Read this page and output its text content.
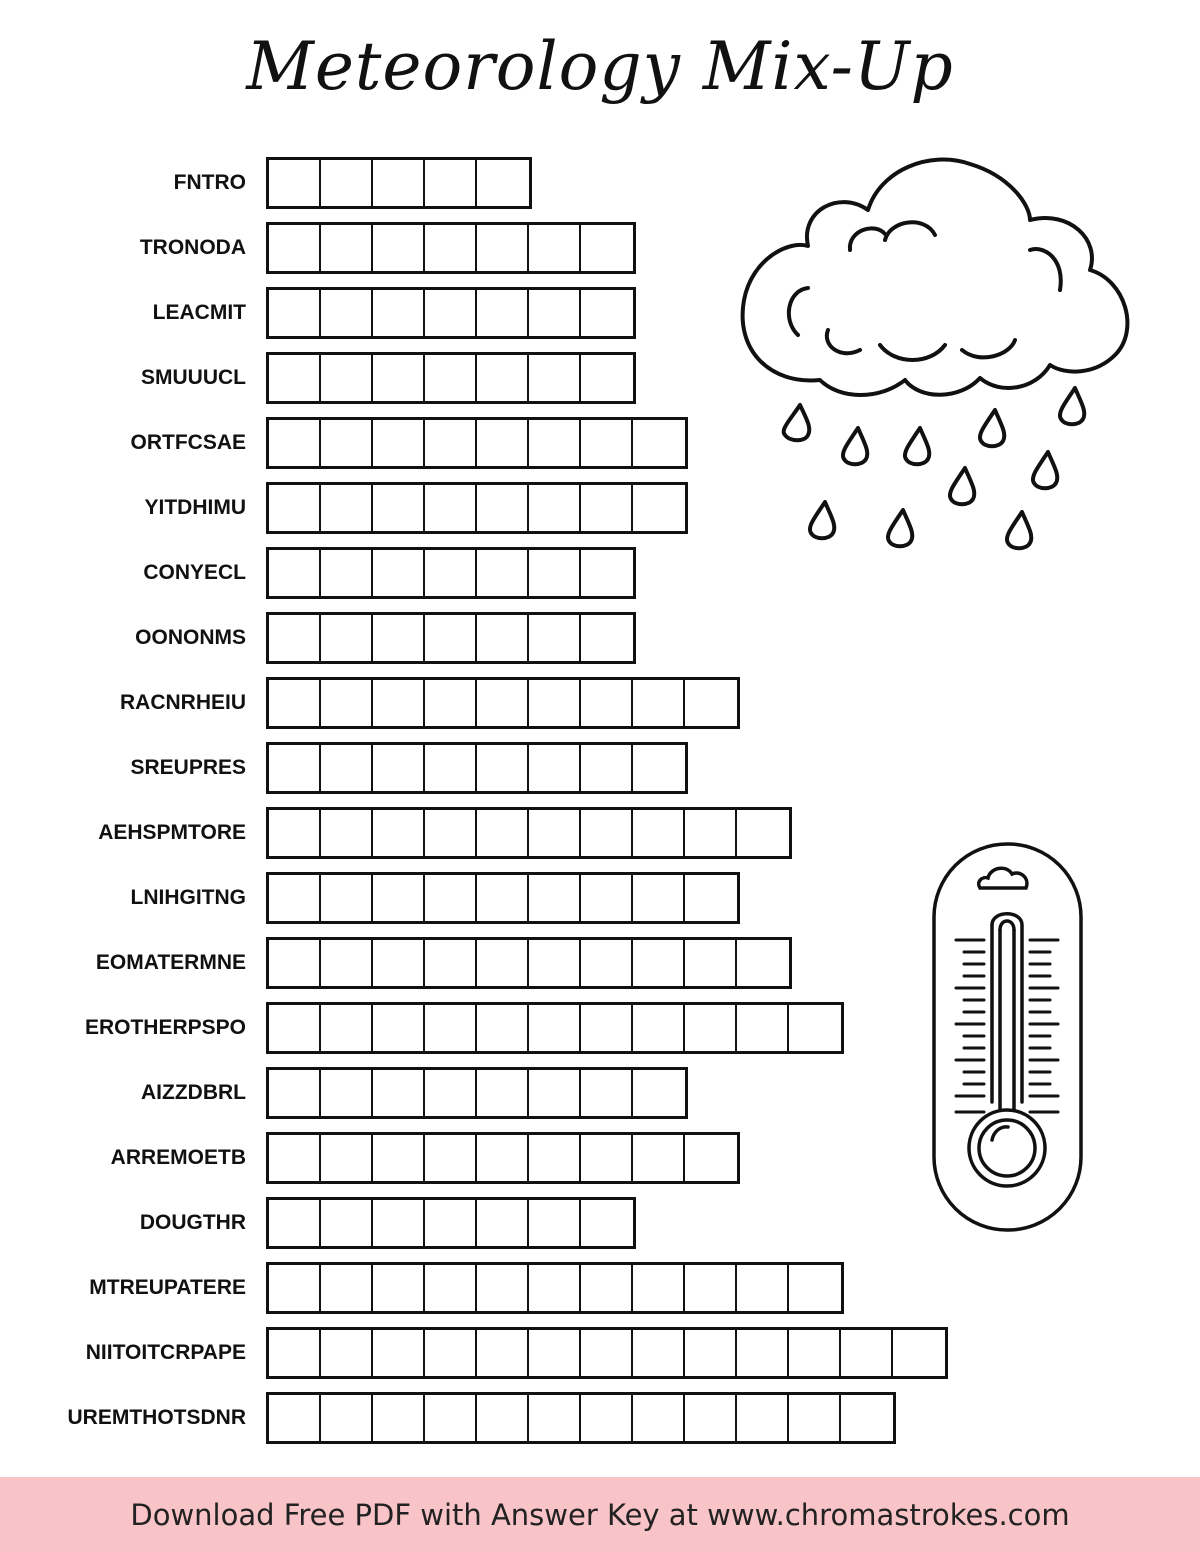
Meteorology Mix-Up
FNTRO
TRONODA
LEACMIT
SMUUUCL
ORTFCSAE
YITDHIMU
CONYECL
OONONMS
RACNRHEIU
SREUPRES
AEHSPMTORE
LNIHGITNG
EOMATERMNE
EROTHERPSPO
AIZZDBRL
ARREMOETB
DOUGTHR
MTREUPATERE
NIITOITCRPAPE
UREMTHOTSDNR
Download Free PDF with Answer Key at www.chromastrokes.com
